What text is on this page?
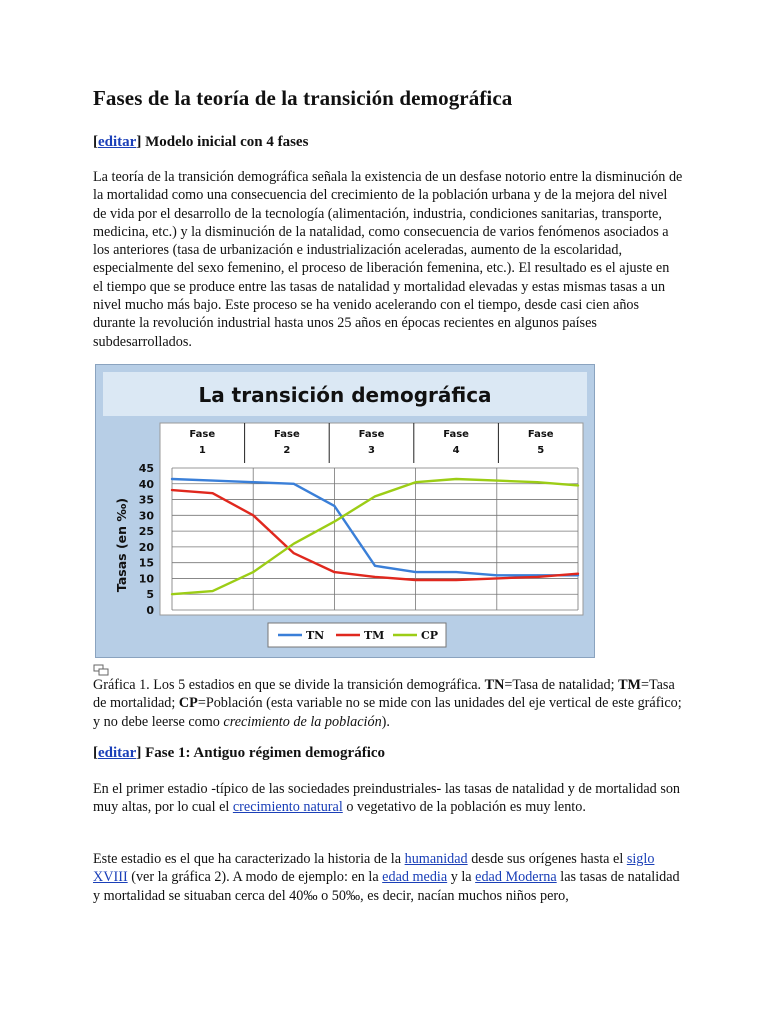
Fases de la teoría de la transición demográfica
[editar] Modelo inicial con 4 fases

La teoría de la transición demográfica señala la existencia de un desfase notorio entre la disminución de la mortalidad como una consecuencia del crecimiento de la población urbana y de la mejora del nivel de vida por el desarrollo de la tecnología (alimentación, industria, condiciones sanitarias, transporte, medicina, etc.) y la disminución de la natalidad, como consecuencia de varios fenómenos asociados a los anteriores (tasa de urbanización e industrialización aceleradas, aumento de la escolaridad, especialmente del sexo femenino, el proceso de liberación femenina, etc.). El resultado es el ajuste en el tiempo que se produce entre las tasas de natalidad y mortalidad elevadas y estas mismas tasas a un nivel mucho más bajo. Este proceso se ha venido acelerando con el tiempo, desde casi cien años durante la revolución industrial hasta unos 25 años en épocas recientes en algunos países subdesarrollados.

La transición demográfica
Fase
1
Fase
2
Fase
3
Fase
4
Fase
5
45
40
35
30
25
20
15
10
5
0
Tasas (en ‰)
TN	TM	CP

Gráfica 1. Los 5 estadios en que se divide la transición demográfica. TN=Tasa de natalidad; TM=Tasa de mortalidad; CP=Población (esta variable no se mide con las unidades del eje vertical de este gráfico; y no debe leerse como crecimiento de la población).

[editar] Fase 1: Antiguo régimen demográfico

En el primer estadio -típico de las sociedades preindustriales- las tasas de natalidad y de mortalidad son muy altas, por lo cual el crecimiento natural o vegetativo de la población es muy lento.

Este estadio es el que ha caracterizado la historia de la humanidad desde sus orígenes hasta el siglo XVIII (ver la gráfica 2). A modo de ejemplo: en la edad media y la edad Moderna las tasas de natalidad y mortalidad se situaban cerca del 40‰ o 50‰, es decir, nacían muchos niños pero,
